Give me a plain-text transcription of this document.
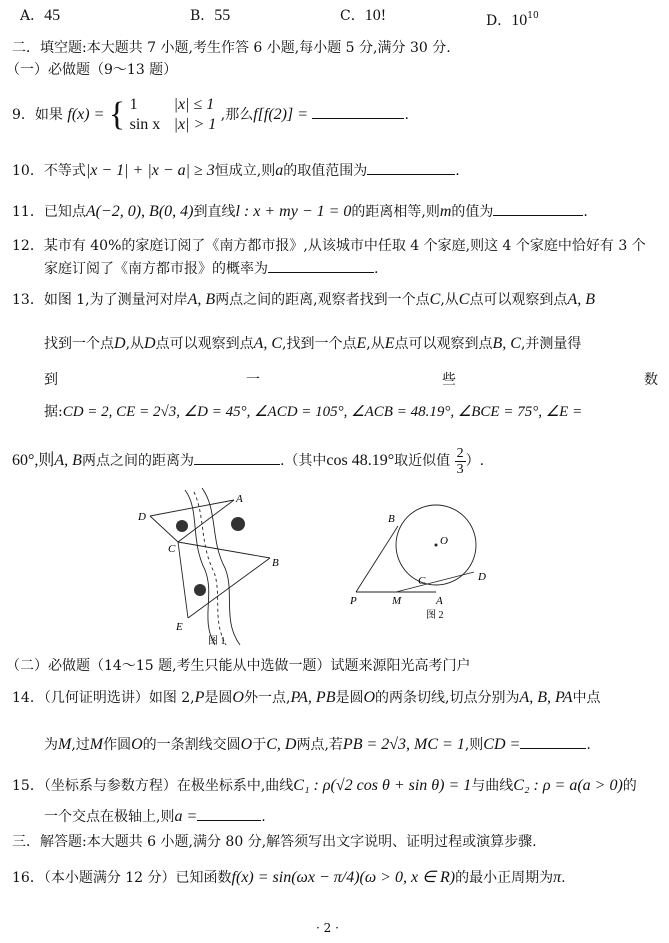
A．45	B．55	C．10!	D．$10^{10}$
二．填空题:本大题共 7 小题,考生作答 6 小题,每小题 5 分,满分 30 分.
（一）必做题（9～13 题）
9．如果 f(x) = { 1 |x| ≤ 1
sin x |x| > 1
,那么f[f(2)] =	.
10．不等式|x − 1| + |x − a| ≥ 3恒成立,则a的取值范围为	.
11．已知点A(−2, 0), B(0, 4)到直线l : x + my − 1 = 0的距离相等,则m的值为	.
12．某市有 40%的家庭订阅了《南方都市报》,从该城市中任取 4 个家庭,则这 4 个家庭中恰好有 3 个
家庭订阅了《南方都市报》的概率为	.
13．如图 1,为了测量河对岸A, B两点之间的距离,观察者找到一个点C,从C点可以观察到点A, B
找到一个点D,从D点可以观察到点A, C,找到一个点E,从E点可以观察到点B, C,并测量得
到	一	些	数
据:CD = 2, CE = 2√3, ∠D = 45°, ∠ACD = 105°, ∠ACB = 48.19°, ∠BCE = 75°, ∠E =
60°,则A, B两点之间的距离为	.（其中cos 48.19°取近似值 $\frac{2}{3}$ ）.
D
A
C
B
E
图 1
B
O
C	D
P	M	A
图 2
（二）必做题（14～15 题,考生只能从中选做一题）试题来源阳光高考门户
14．（几何证明选讲）如图 2,P是圆O外一点,PA, PB是圆O的两条切线,切点分别为A, B, PA中点
为M,过M作圆O的一条割线交圆O于C, D两点,若PB = 2√3, MC = 1,则CD =	.
15．（坐标系与参数方程）在极坐标系中,曲线C₁ : ρ(√2 cos θ + sin θ) = 1与曲线C₂ : ρ = a(a > 0)的
一个交点在极轴上,则a =	.
三．解答题:本大题共 6 小题,满分 80 分,解答须写出文字说明、证明过程或演算步骤.
16．（本小题满分 12 分）已知函数f(x) = sin(ωx − π/4)(ω > 0, x ∈ R)的最小正周期为π.
· 2 ·
